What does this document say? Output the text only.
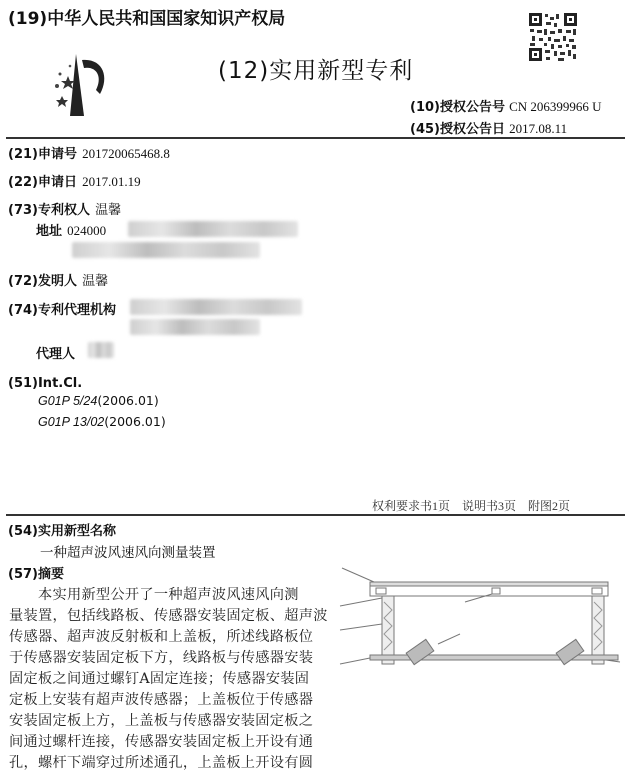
(19)中华人民共和国国家知识产权局
(12)实用新型专利
(10)授权公告号 CN 206399966 U
(45)授权公告日 2017.08.11
(21)申请号 201720065468.8
(22)申请日 2017.01.19
(73)专利权人 温馨
地址 024000
(72)发明人 温馨
(74)专利代理机构
代理人
(51)Int.Cl.
G01P 5/24(2006.01)
G01P 13/02(2006.01)
权利要求书1页 说明书3页 附图2页
(54)实用新型名称
一种超声波风速风向测量装置
(57)摘要
　　本实用新型公开了一种超声波风速风向测
量装置，包括线路板、传感器安装固定板、超声波
传感器、超声波反射板和上盖板，所述线路板位
于传感器安装固定板下方，线路板与传感器安装
固定板之间通过螺钉A固定连接；传感器安装固
定板上安装有超声波传感器；上盖板位于传感器
安装固定板上方，上盖板与传感器安装固定板之
间通过螺杆连接，传感器安装固定板上开设有通
孔，螺杆下端穿过所述通孔，上盖板上开设有圆
